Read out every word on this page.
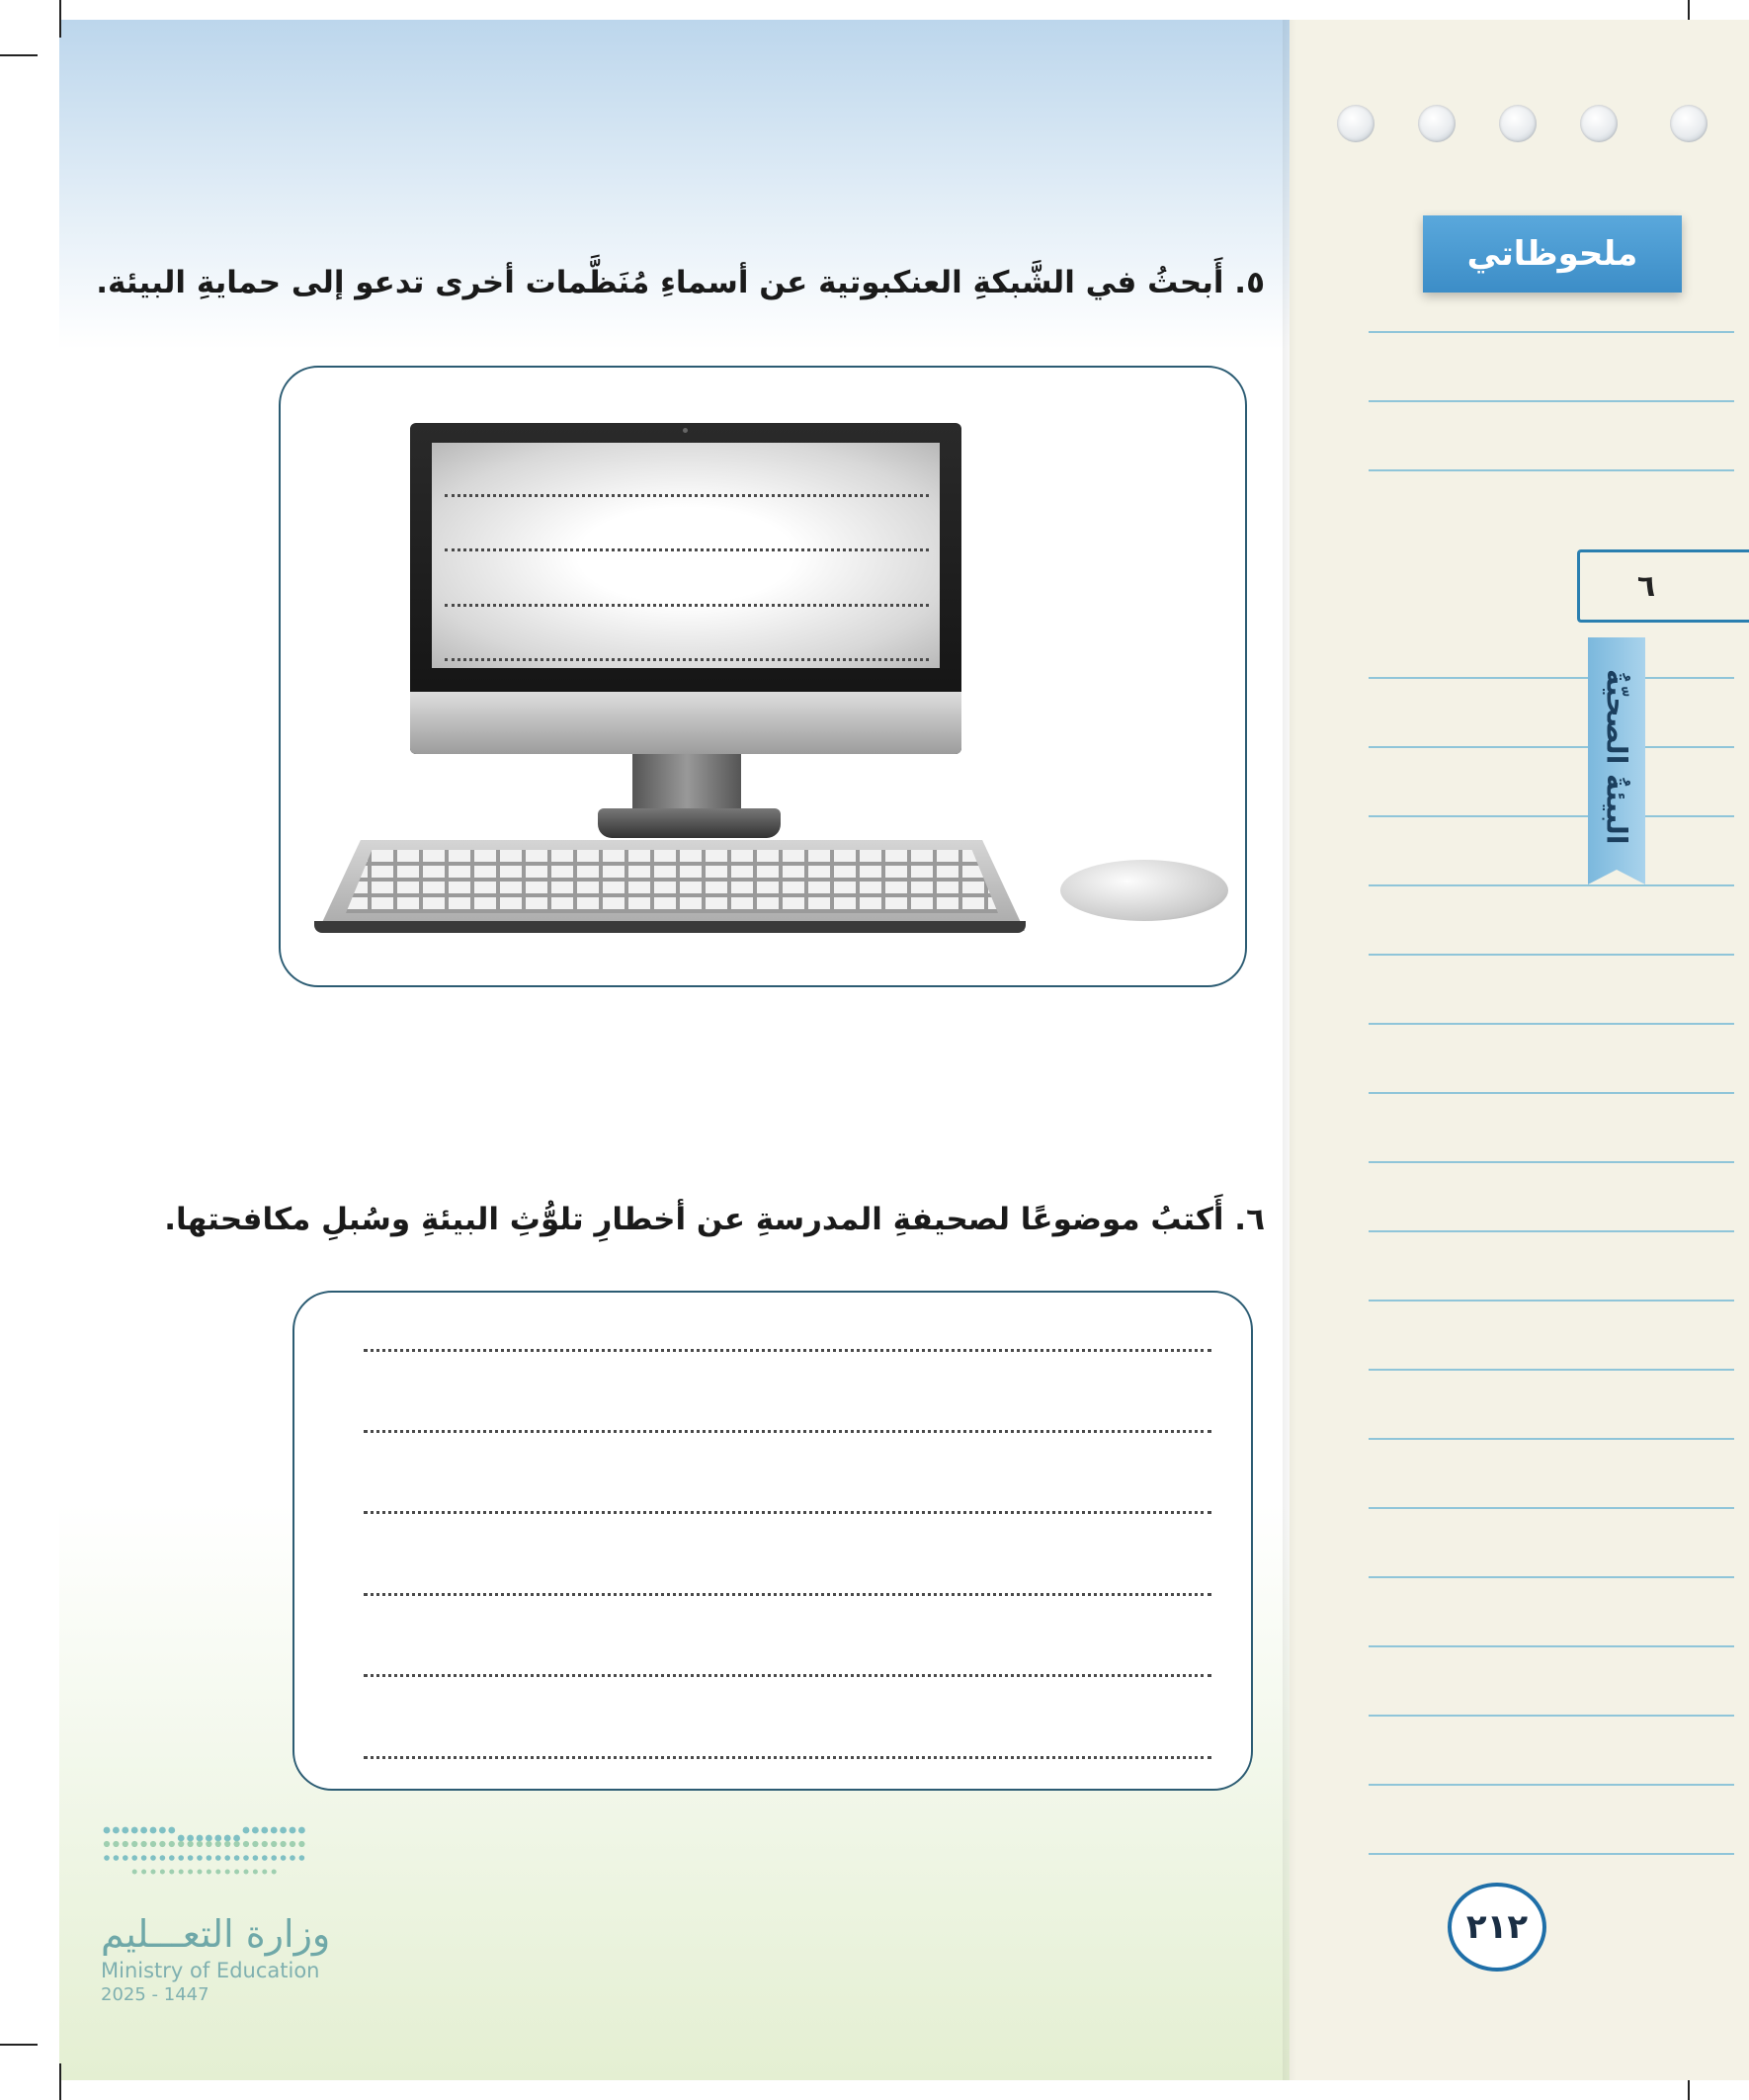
ملحوظاتي
٦
البيئةُ الصحيّةُ
٢١٢
٥. أَبحثُ في الشَّبكةِ العنكبوتية عن أسماءِ مُنَظَّمات أخرى تدعو إلى حمايةِ البيئة.
٦. أَكتبُ موضوعًا لصحيفةِ المدرسةِ عن أخطارِ تلوُّثِ البيئةِ وسُبلِ مكافحتها.
وزارة التعـــليم
Ministry of Education
2025 - 1447
